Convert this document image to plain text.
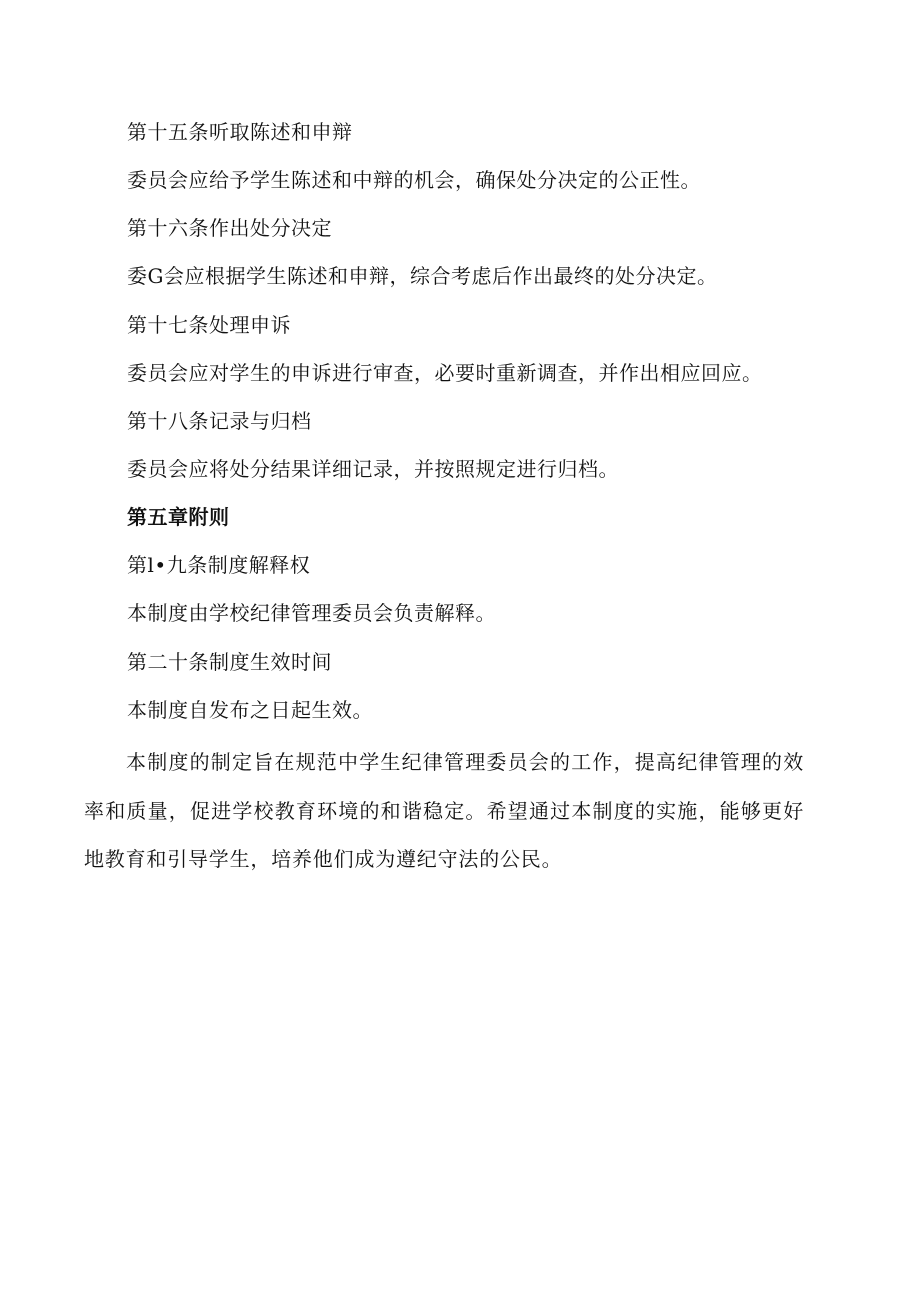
第十五条听取陈述和申辩
委员会应给予学生陈述和中辩的机会，确保处分决定的公正性。
第十六条作出处分决定
委G会应根据学生陈述和申辩，综合考虑后作出最终的处分决定。
第十七条处理申诉
委员会应对学生的申诉进行审查，必要时重新调查，并作出相应回应。
第十八条记录与归档
委员会应将处分结果详细记录，并按照规定进行归档。
第五章附则
第l•九条制度解释权
本制度由学校纪律管理委员会负责解释。
第二十条制度生效时间
本制度自发布之日起生效。
本制度的制定旨在规范中学生纪律管理委员会的工作，提高纪律管理的效率和质量，促进学校教育环境的和谐稳定。希望通过本制度的实施，能够更好地教育和引导学生，培养他们成为遵纪守法的公民。
